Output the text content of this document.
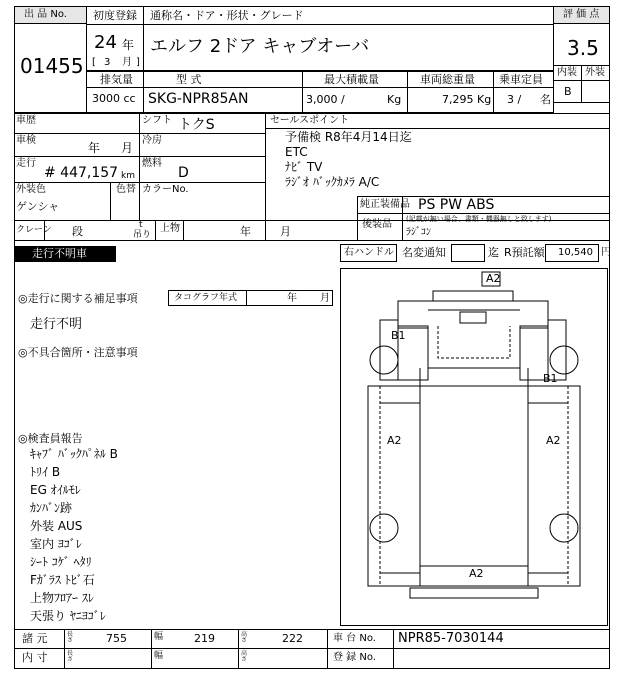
出 品 No.
01455
初度登録
24 年
[ 3 月 ]
通称名・ドア・形状・グレード
エルフ 2ドア キャブオーバ
評 価 点
3.5
内装 外装
B
排気量
3000 cc
型 式
SKG-NPR85AN
最大積載量
3,000 /	Kg
車両総重量
7,295 Kg
乗車定員
3 / 名
車歴	シフト トクS
車検
年 月
冷房
走行
# 447,157 km
燃料
D
外装色
ゲンシャ
色替 カラーNo.
クレーン 段	t
吊り
上物	年	月
セールスポイント
予備検 R8年4月14日迄
ETC
ﾅﾋﾞ TV
ﾗｼﾞｵ ﾊﾞｯｸｶﾒﾗ A/C
純正装備品 PS PW ABS
後装品 (記載が無い場合、書類・機器無しと致します)
ﾗｼﾞｺﾝ
走行不明車	右ハンドル 名変通知	迄 R預託額 10,540 円
◎走行に関する補足事項	タコグラフ年式	年 月
走行不明
◎不具合箇所・注意事項
◎検査員報告
ｷｬﾌﾞ ﾊﾞｯｸﾊﾟﾈﾙ B
ﾄﾘｲ B
EG ｵｲﾙﾓﾚ
ｶﾝﾊﾞﾝ跡
外装 AUS
室内 ﾖｺﾞﾚ
ｼｰﾄ ｺｹﾞ ﾍﾀﾘ
Fｶﾞﾗｽ ﾄﾋﾞ石
上物ﾌﾛｱｰ ｽﾚ
天張り ﾔﾆﾖｺﾞﾚ
A2
B1
B1
A2	A2
A2
諸 元	長さ	755	幅	219	高さ	222	車 台 No. NPR85-7030144
内 寸	長さ	幅	高さ	登 録 No.
